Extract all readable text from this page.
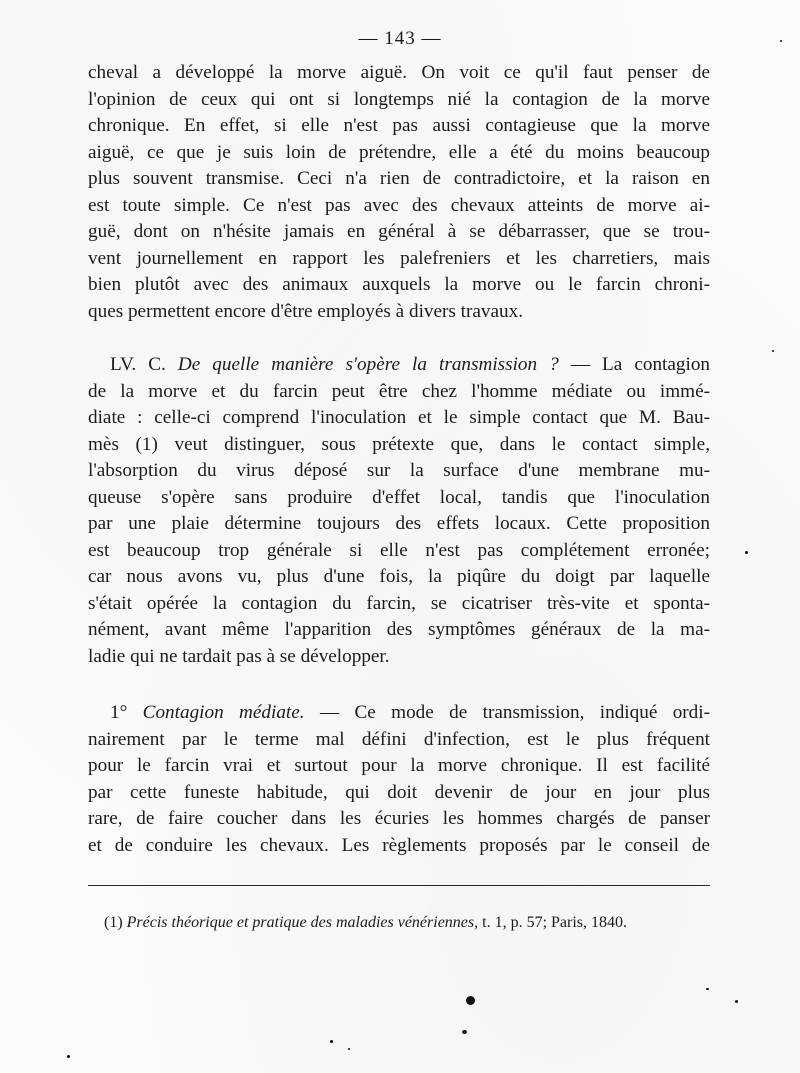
— 143 —
cheval a développé la morve aiguë. On voit ce qu'il faut penser de
l'opinion de ceux qui ont si longtemps nié la contagion de la morve
chronique. En effet, si elle n'est pas aussi contagieuse que la morve
aiguë, ce que je suis loin de prétendre, elle a été du moins beaucoup
plus souvent transmise. Ceci n'a rien de contradictoire, et la raison en
est toute simple. Ce n'est pas avec des chevaux atteints de morve ai-
guë, dont on n'hésite jamais en général à se débarrasser, que se trou-
vent journellement en rapport les palefreniers et les charretiers, mais
bien plutôt avec des animaux auxquels la morve ou le farcin chroni-
ques permettent encore d'être employés à divers travaux.
LV. C. De quelle manière s'opère la transmission ? — La contagion
de la morve et du farcin peut être chez l'homme médiate ou immé-
diate : celle-ci comprend l'inoculation et le simple contact que M. Bau-
mès (1) veut distinguer, sous prétexte que, dans le contact simple,
l'absorption du virus déposé sur la surface d'une membrane mu-
queuse s'opère sans produire d'effet local, tandis que l'inoculation
par une plaie détermine toujours des effets locaux. Cette proposition
est beaucoup trop générale si elle n'est pas complétement erronée;
car nous avons vu, plus d'une fois, la piqûre du doigt par laquelle
s'était opérée la contagion du farcin, se cicatriser très-vite et sponta-
nément, avant même l'apparition des symptômes généraux de la ma-
ladie qui ne tardait pas à se développer.
1° Contagion médiate. — Ce mode de transmission, indiqué ordi-
nairement par le terme mal défini d'infection, est le plus fréquent
pour le farcin vrai et surtout pour la morve chronique. Il est facilité
par cette funeste habitude, qui doit devenir de jour en jour plus
rare, de faire coucher dans les écuries les hommes chargés de panser
et de conduire les chevaux. Les règlements proposés par le conseil de
(1) Précis théorique et pratique des maladies vénériennes, t. 1, p. 57; Paris, 1840.
